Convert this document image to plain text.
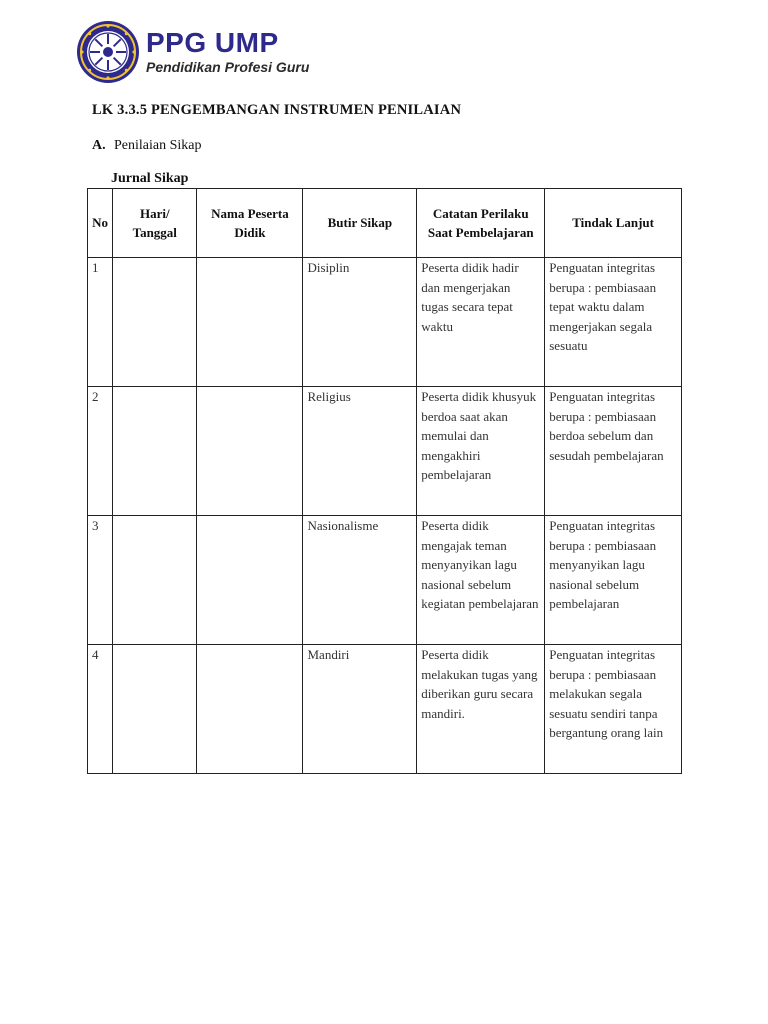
PPG UMP
Pendidikan Profesi Guru
LK 3.3.5 PENGEMBANGAN INSTRUMEN PENILAIAN
A. Penilaian Sikap
Jurnal Sikap
No	Hari/ Tanggal	Nama Peserta Didik	Butir Sikap	Catatan Perilaku Saat Pembelajaran	Tindak Lanjut
1			Disiplin	Peserta didik hadir dan mengerjakan tugas secara tepat waktu	Penguatan integritas berupa : pembiasaan tepat waktu dalam mengerjakan segala sesuatu
2			Religius	Peserta didik khusyuk berdoa saat akan memulai dan mengakhiri pembelajaran	Penguatan integritas berupa : pembiasaan berdoa sebelum dan sesudah pembelajaran
3			Nasionalisme	Peserta didik mengajak teman menyanyikan lagu nasional sebelum kegiatan pembelajaran	Penguatan integritas berupa : pembiasaan menyanyikan lagu nasional sebelum pembelajaran
4			Mandiri	Peserta didik melakukan tugas yang diberikan guru secara mandiri.	Penguatan integritas berupa : pembiasaan melakukan segala sesuatu sendiri tanpa bergantung orang lain
